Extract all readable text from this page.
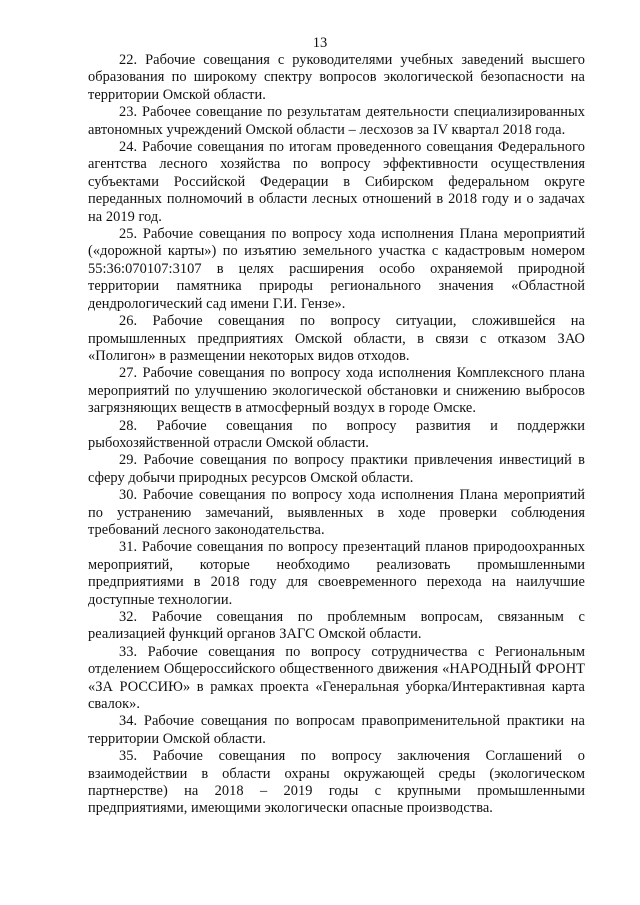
13

22. Рабочие совещания с руководителями учебных заведений высшего образования по широкому спектру вопросов экологической безопасности на территории Омской области.

23. Рабочее совещание по результатам деятельности специализированных автономных учреждений Омской области – лесхозов за IV квартал 2018 года.

24. Рабочие совещания по итогам проведенного совещания Федерального агентства лесного хозяйства по вопросу эффективности осуществления субъектами Российской Федерации в Сибирском федеральном округе переданных полномочий в области лесных отношений в 2018 году и о задачах на 2019 год.

25. Рабочие совещания по вопросу хода исполнения Плана мероприятий («дорожной карты») по изъятию земельного участка с кадастровым номером 55:36:070107:3107 в целях расширения особо охраняемой природной территории памятника природы регионального значения «Областной дендрологический сад имени Г.И. Гензе».

26. Рабочие совещания по вопросу ситуации, сложившейся на промышленных предприятиях Омской области, в связи с отказом ЗАО «Полигон» в размещении некоторых видов отходов.

27. Рабочие совещания по вопросу хода исполнения Комплексного плана мероприятий по улучшению экологической обстановки и снижению выбросов загрязняющих веществ в атмосферный воздух в городе Омске.

28. Рабочие совещания по вопросу развития и поддержки рыбохозяйственной отрасли Омской области.

29. Рабочие совещания по вопросу практики привлечения инвестиций в сферу добычи природных ресурсов Омской области.

30. Рабочие совещания по вопросу хода исполнения Плана мероприятий по устранению замечаний, выявленных в ходе проверки соблюдения требований лесного законодательства.

31. Рабочие совещания по вопросу презентаций планов природоохранных мероприятий, которые необходимо реализовать промышленными предприятиями в 2018 году для своевременного перехода на наилучшие доступные технологии.

32. Рабочие совещания по проблемным вопросам, связанным с реализацией функций органов ЗАГС Омской области.

33. Рабочие совещания по вопросу сотрудничества с Региональным отделением Общероссийского общественного движения «НАРОДНЫЙ ФРОНТ «ЗА РОССИЮ» в рамках проекта «Генеральная уборка/Интерактивная карта свалок».

34. Рабочие совещания по вопросам правоприменительной практики на территории Омской области.

35. Рабочие совещания по вопросу заключения Соглашений о взаимодействии в области охраны окружающей среды (экологическом партнерстве) на 2018 – 2019 годы с крупными промышленными предприятиями, имеющими экологически опасные производства.
